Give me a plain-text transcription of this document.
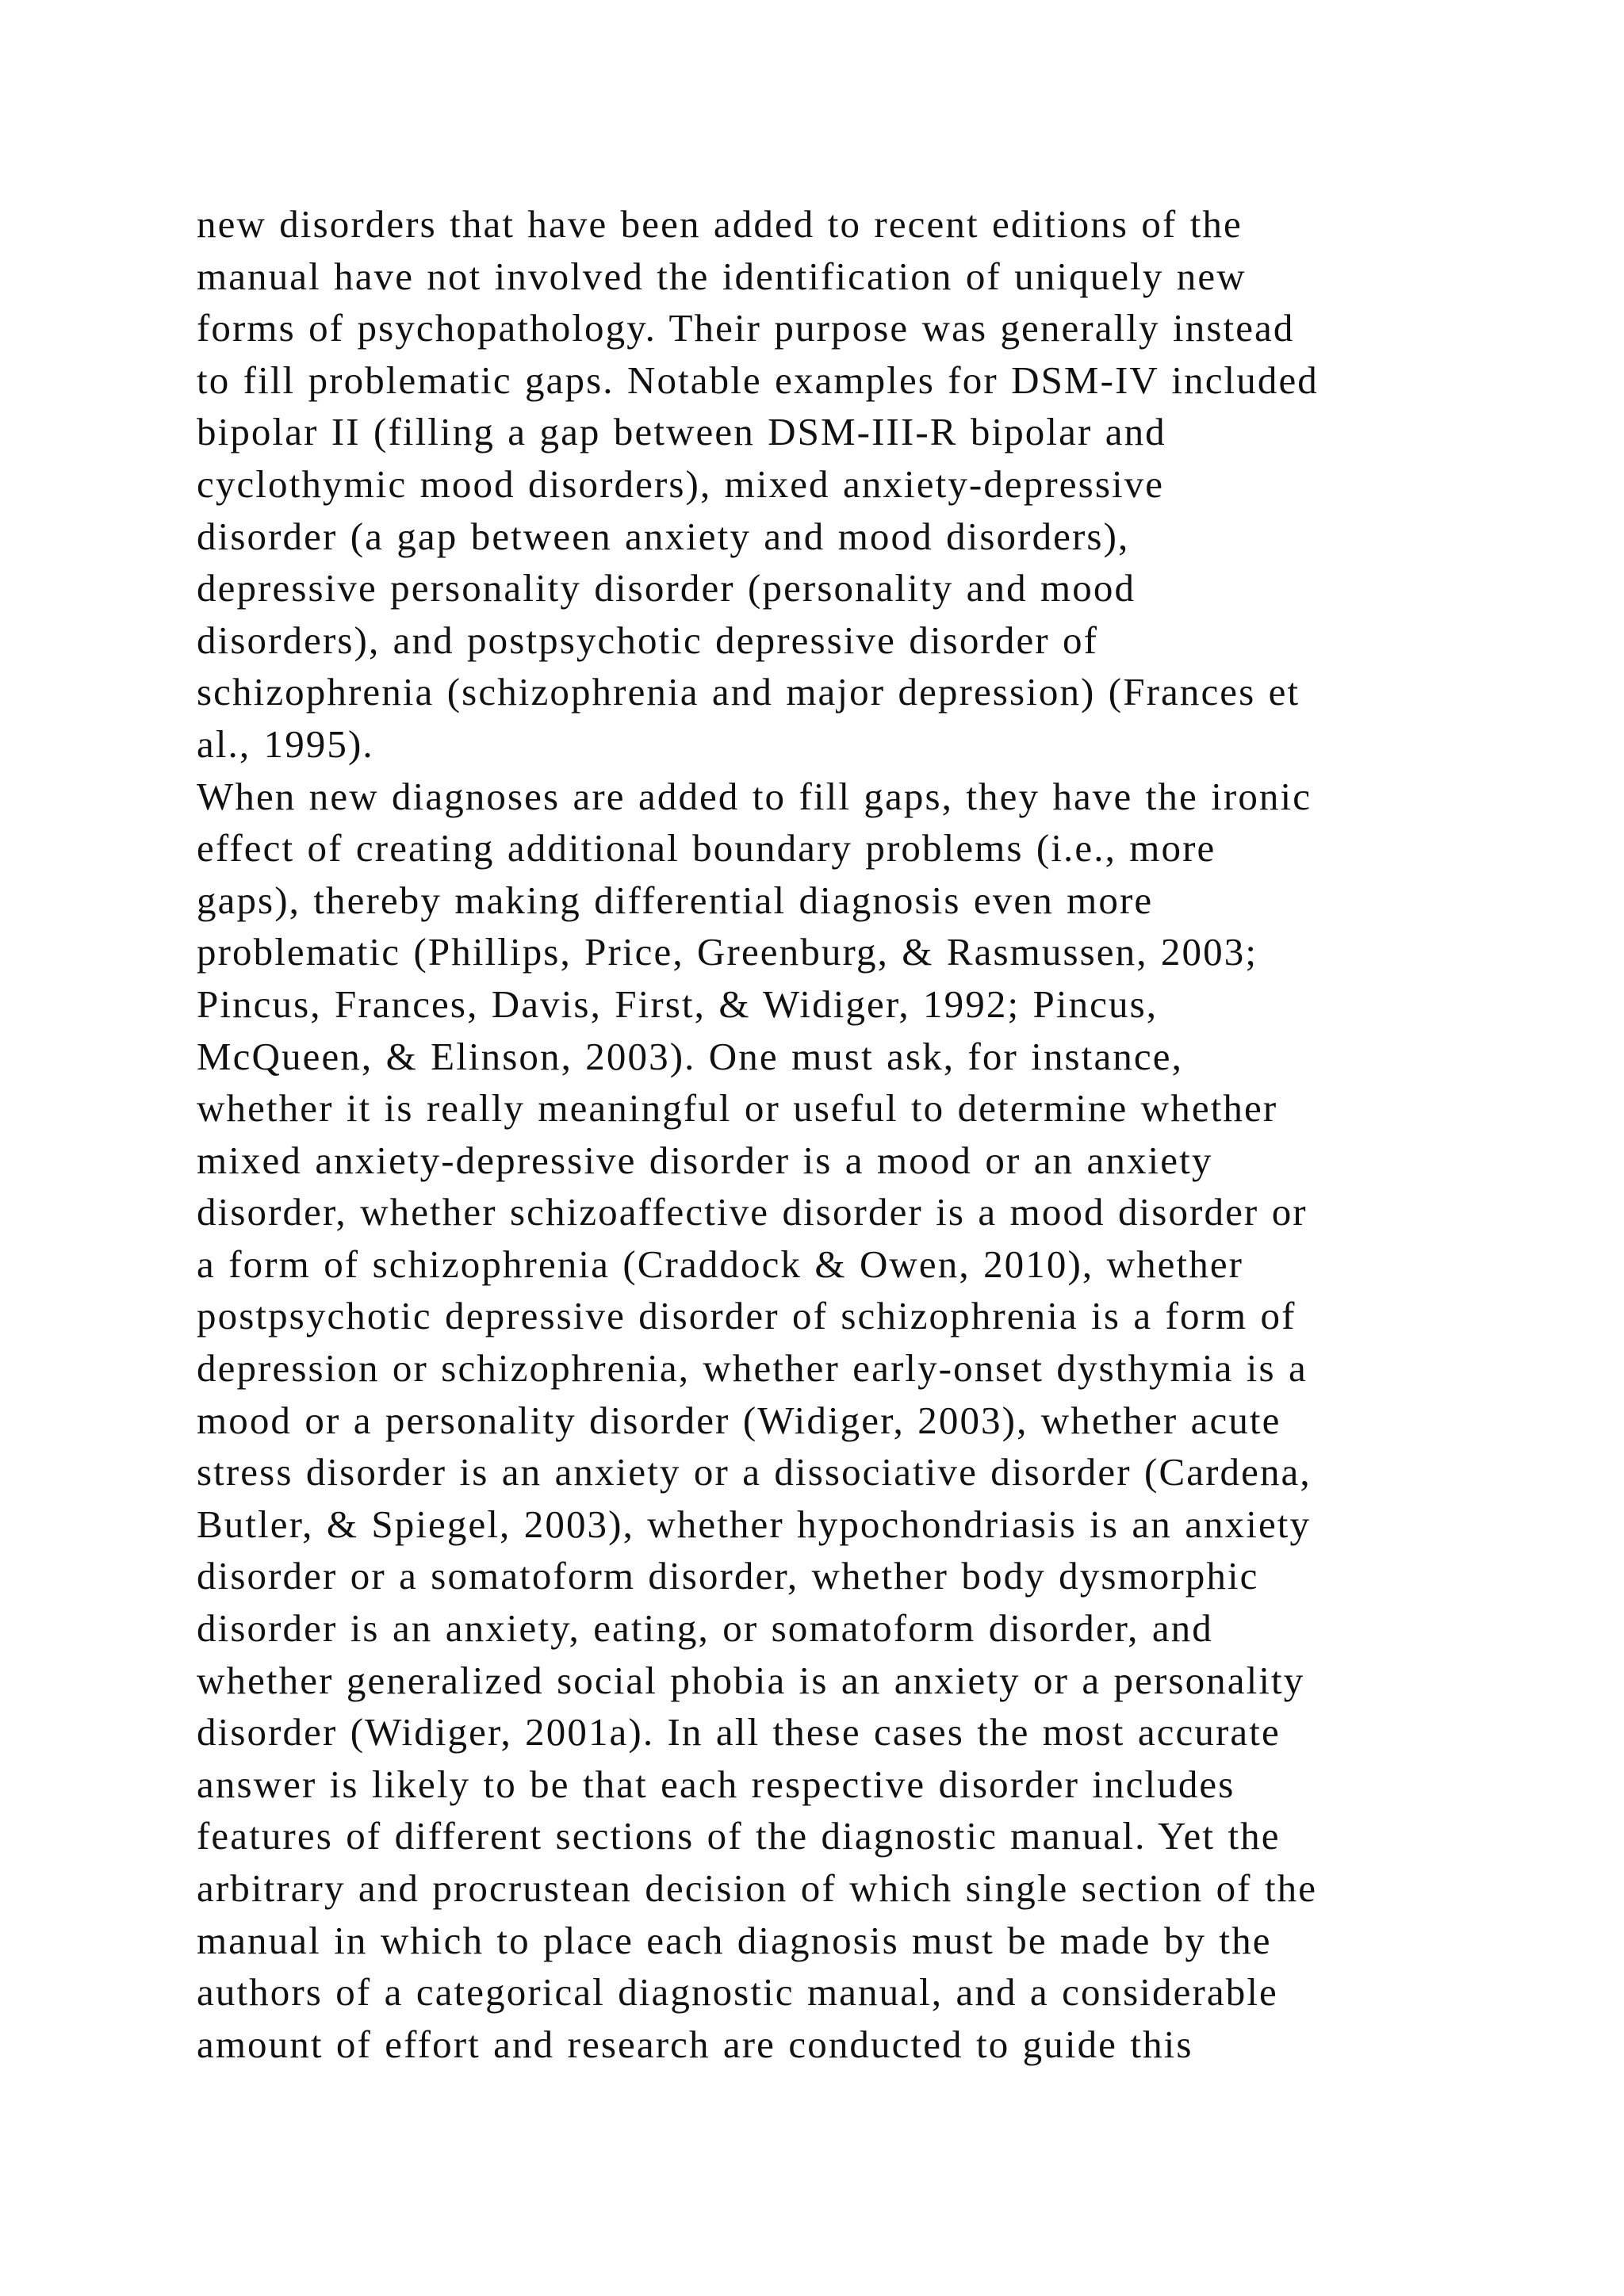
new disorders that have been added to recent editions of the
manual have not involved the identification of uniquely new
forms of psychopathology. Their purpose was generally instead
to fill problematic gaps. Notable examples for DSM-IV included
bipolar II (filling a gap between DSM-III-R bipolar and
cyclothymic mood disorders), mixed anxiety-depressive
disorder (a gap between anxiety and mood disorders),
depressive personality disorder (personality and mood
disorders), and postpsychotic depressive disorder of
schizophrenia (schizophrenia and major depression) (Frances et
al., 1995).
When new diagnoses are added to fill gaps, they have the ironic
effect of creating additional boundary problems (i.e., more
gaps), thereby making differential diagnosis even more
problematic (Phillips, Price, Greenburg, & Rasmussen, 2003;
Pincus, Frances, Davis, First, & Widiger, 1992; Pincus,
McQueen, & Elinson, 2003). One must ask, for instance,
whether it is really meaningful or useful to determine whether
mixed anxiety-depressive disorder is a mood or an anxiety
disorder, whether schizoaffective disorder is a mood disorder or
a form of schizophrenia (Craddock & Owen, 2010), whether
postpsychotic depressive disorder of schizophrenia is a form of
depression or schizophrenia, whether early-onset dysthymia is a
mood or a personality disorder (Widiger, 2003), whether acute
stress disorder is an anxiety or a dissociative disorder (Cardena,
Butler, & Spiegel, 2003), whether hypochondriasis is an anxiety
disorder or a somatoform disorder, whether body dysmorphic
disorder is an anxiety, eating, or somatoform disorder, and
whether generalized social phobia is an anxiety or a personality
disorder (Widiger, 2001a). In all these cases the most accurate
answer is likely to be that each respective disorder includes
features of different sections of the diagnostic manual. Yet the
arbitrary and procrustean decision of which single section of the
manual in which to place each diagnosis must be made by the
authors of a categorical diagnostic manual, and a considerable
amount of effort and research are conducted to guide this
